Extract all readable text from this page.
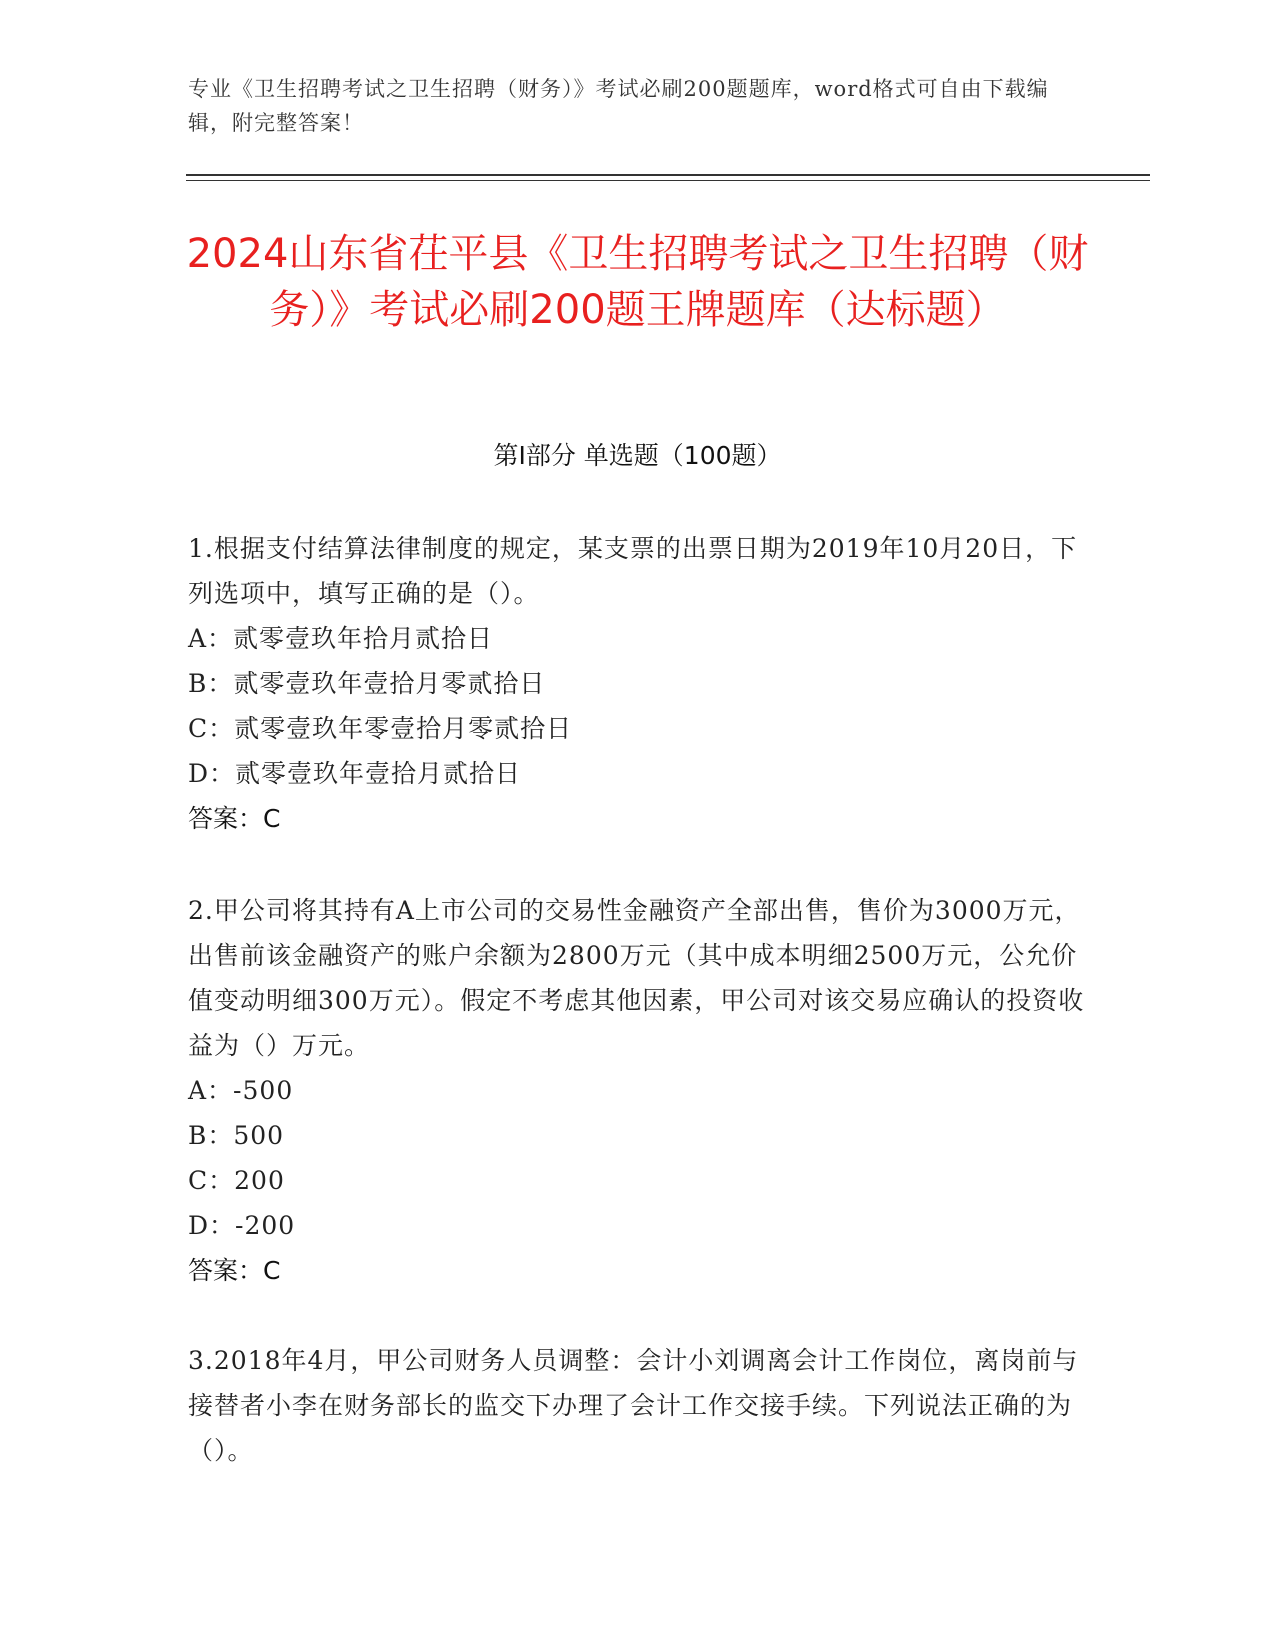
专业《卫生招聘考试之卫生招聘（财务）》考试必刷200题题库，word格式可自由下载编辑，附完整答案！
2024山东省茌平县《卫生招聘考试之卫生招聘（财务）》考试必刷200题王牌题库（达标题）
第Ⅰ部分 单选题（100题）
1.根据支付结算法律制度的规定，某支票的出票日期为2019年10月20日，下列选项中，填写正确的是（）。
A：贰零壹玖年拾月贰拾日
B：贰零壹玖年壹拾月零贰拾日
C：贰零壹玖年零壹拾月零贰拾日
D：贰零壹玖年壹拾月贰拾日
答案：C
2.甲公司将其持有A上市公司的交易性金融资产全部出售，售价为3000万元，出售前该金融资产的账户余额为2800万元（其中成本明细2500万元，公允价值变动明细300万元）。假定不考虑其他因素，甲公司对该交易应确认的投资收益为（）万元。
A：-500
B：500
C：200
D：-200
答案：C
3.2018年4月，甲公司财务人员调整：会计小刘调离会计工作岗位，离岗前与接替者小李在财务部长的监交下办理了会计工作交接手续。下列说法正确的为（）。
